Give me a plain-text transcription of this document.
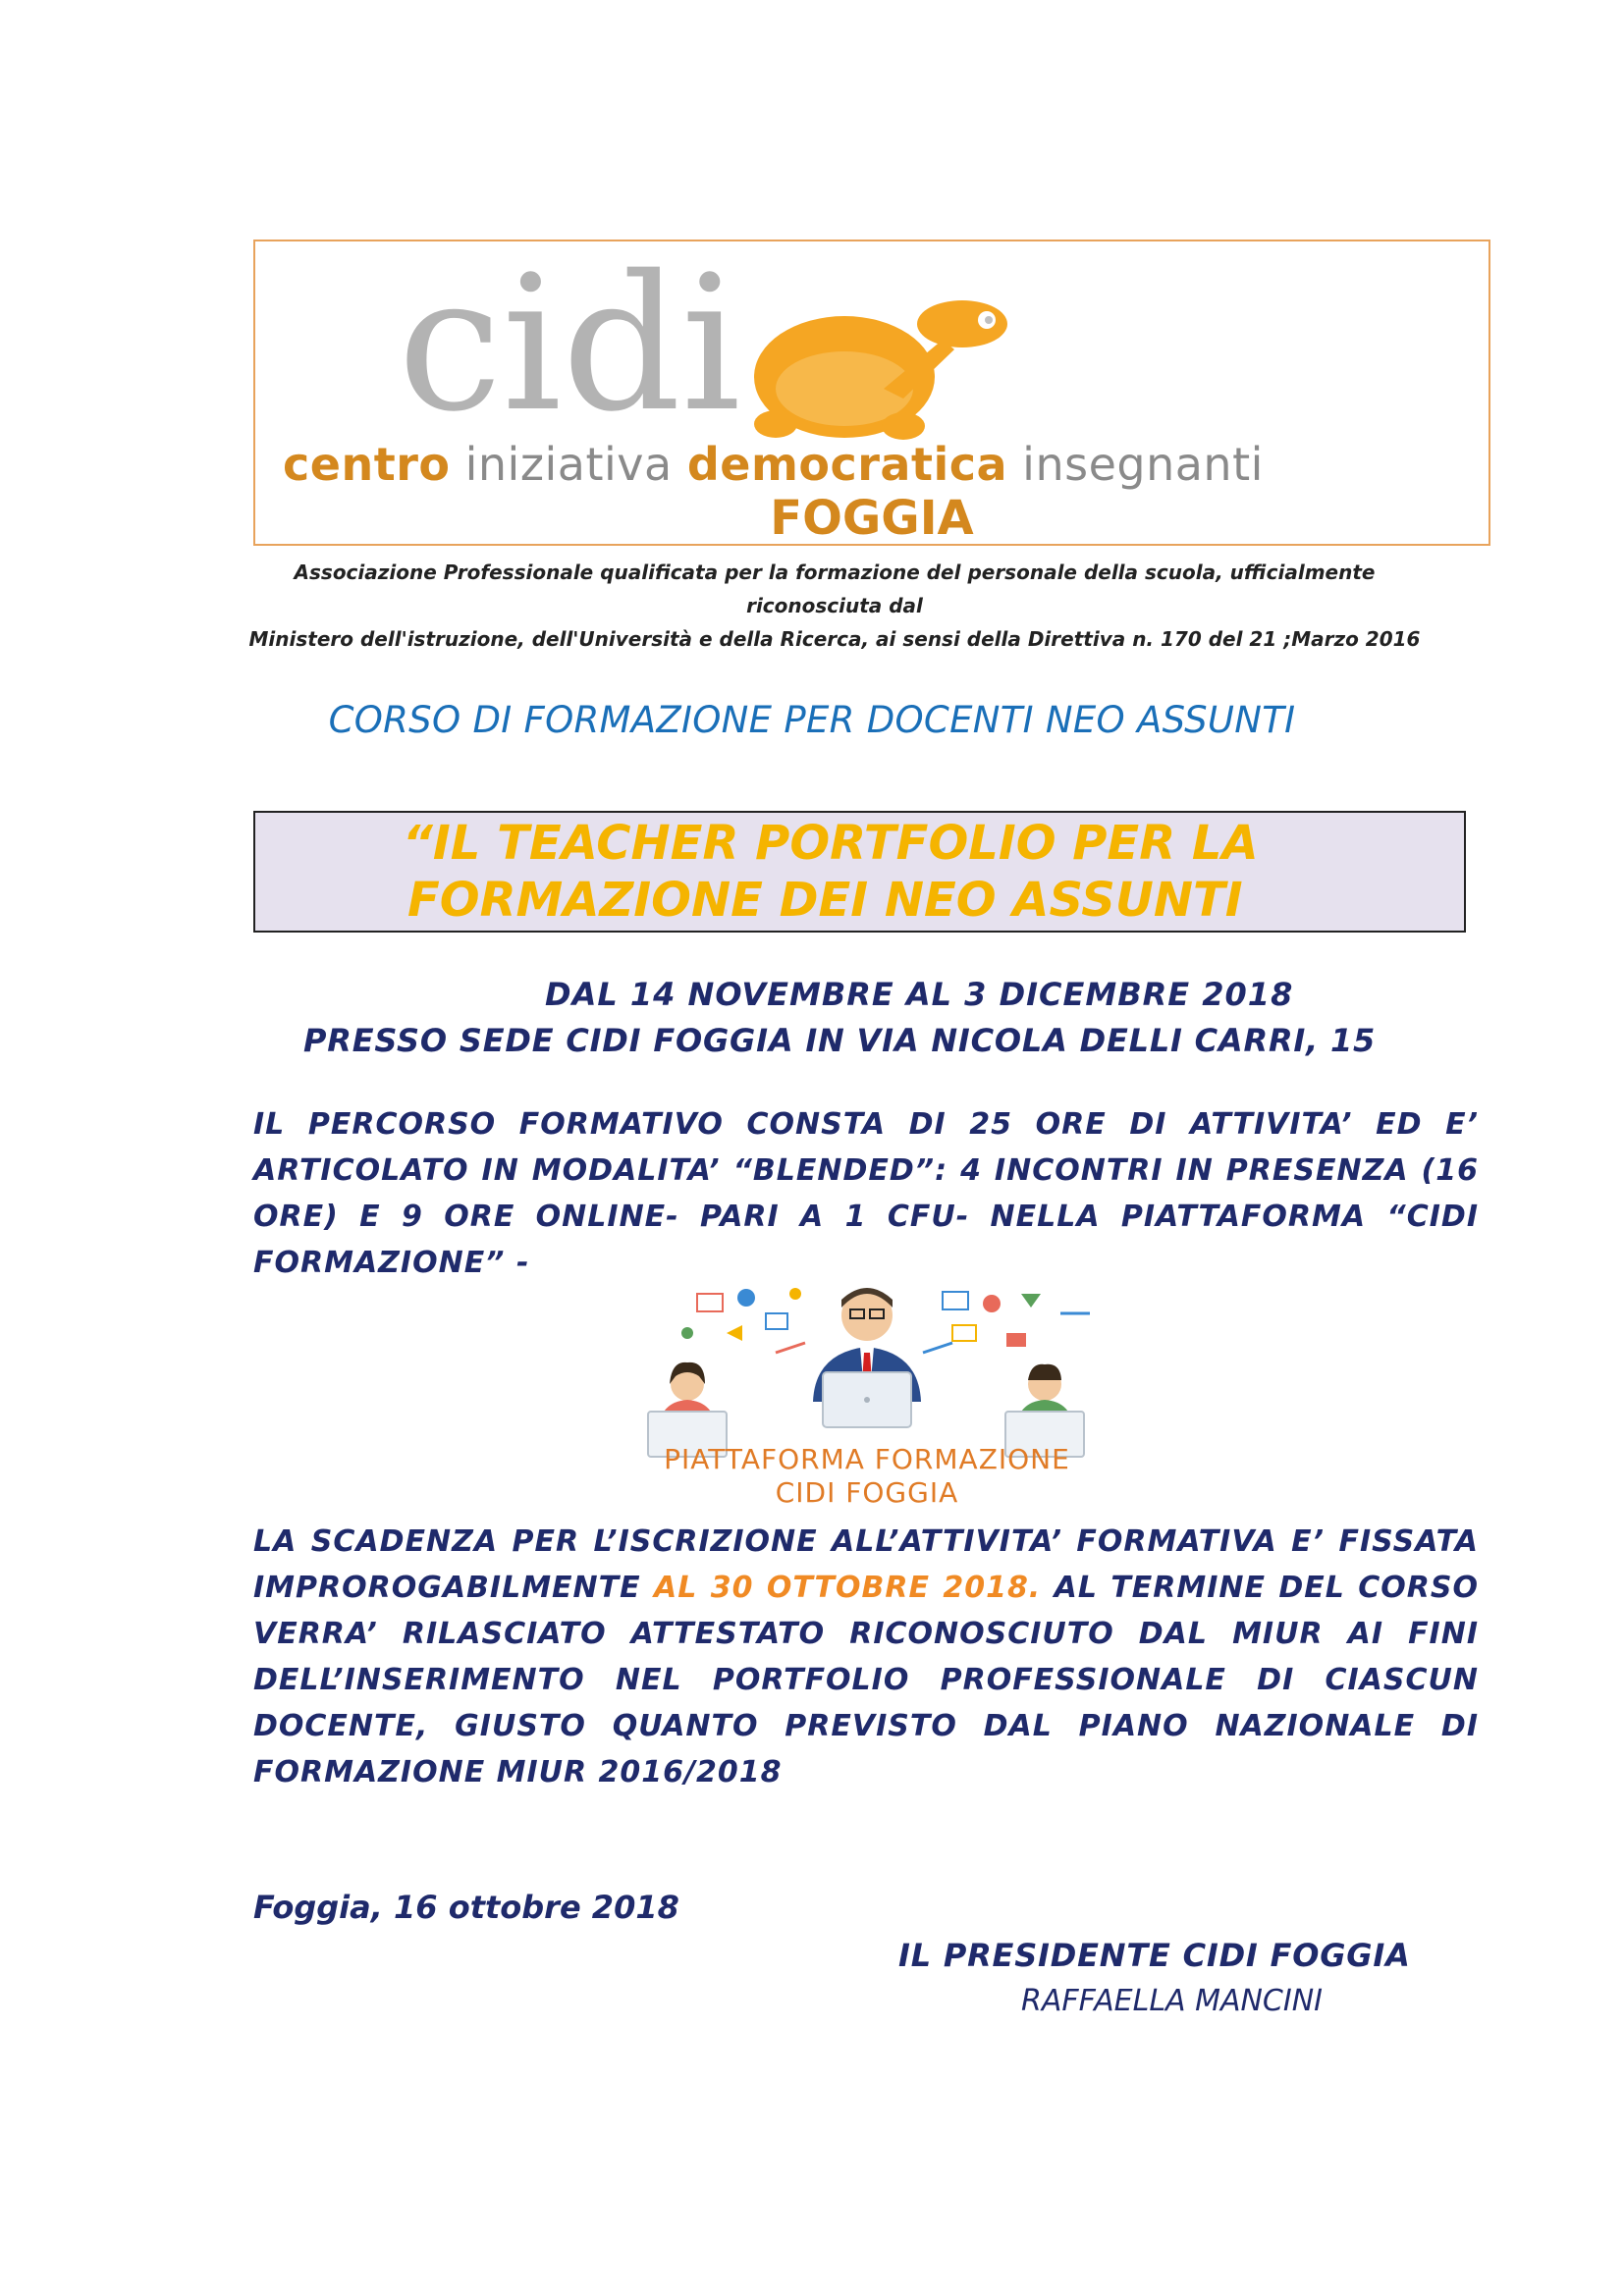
cidi
centro iniziativa democratica insegnanti
FOGGIA
Associazione Professionale qualificata per la formazione del personale della scuola, ufficialmente riconosciuta dal
Ministero dell'istruzione, dell'Università e della Ricerca, ai sensi della Direttiva n. 170 del 21 ;Marzo 2016
CORSO DI FORMAZIONE PER DOCENTI NEO ASSUNTI
“IL TEACHER PORTFOLIO PER LA
FORMAZIONE DEI NEO ASSUNTI
DAL 14 NOVEMBRE AL 3 DICEMBRE 2018
PRESSO SEDE CIDI FOGGIA IN VIA NICOLA DELLI CARRI, 15
IL PERCORSO FORMATIVO CONSTA DI 25 ORE DI ATTIVITA’ ED E’ ARTICOLATO IN MODALITA’ “BLENDED”: 4 INCONTRI IN PRESENZA (16 ORE) E 9 ORE ONLINE- PARI A 1 CFU- NELLA PIATTAFORMA “CIDI FORMAZIONE” -
PIATTAFORMA FORMAZIONE
CIDI FOGGIA
LA SCADENZA PER L’ISCRIZIONE ALL’ATTIVITA’ FORMATIVA E’ FISSATA IMPROROGABILMENTE AL 30 OTTOBRE 2018. AL TERMINE DEL CORSO VERRA’ RILASCIATO ATTESTATO RICONOSCIUTO DAL MIUR AI FINI DELL’INSERIMENTO NEL PORTFOLIO PROFESSIONALE DI CIASCUN DOCENTE, GIUSTO QUANTO PREVISTO DAL PIANO NAZIONALE DI FORMAZIONE MIUR 2016/2018
Foggia, 16 ottobre 2018
IL PRESIDENTE CIDI FOGGIA
RAFFAELLA MANCINI
